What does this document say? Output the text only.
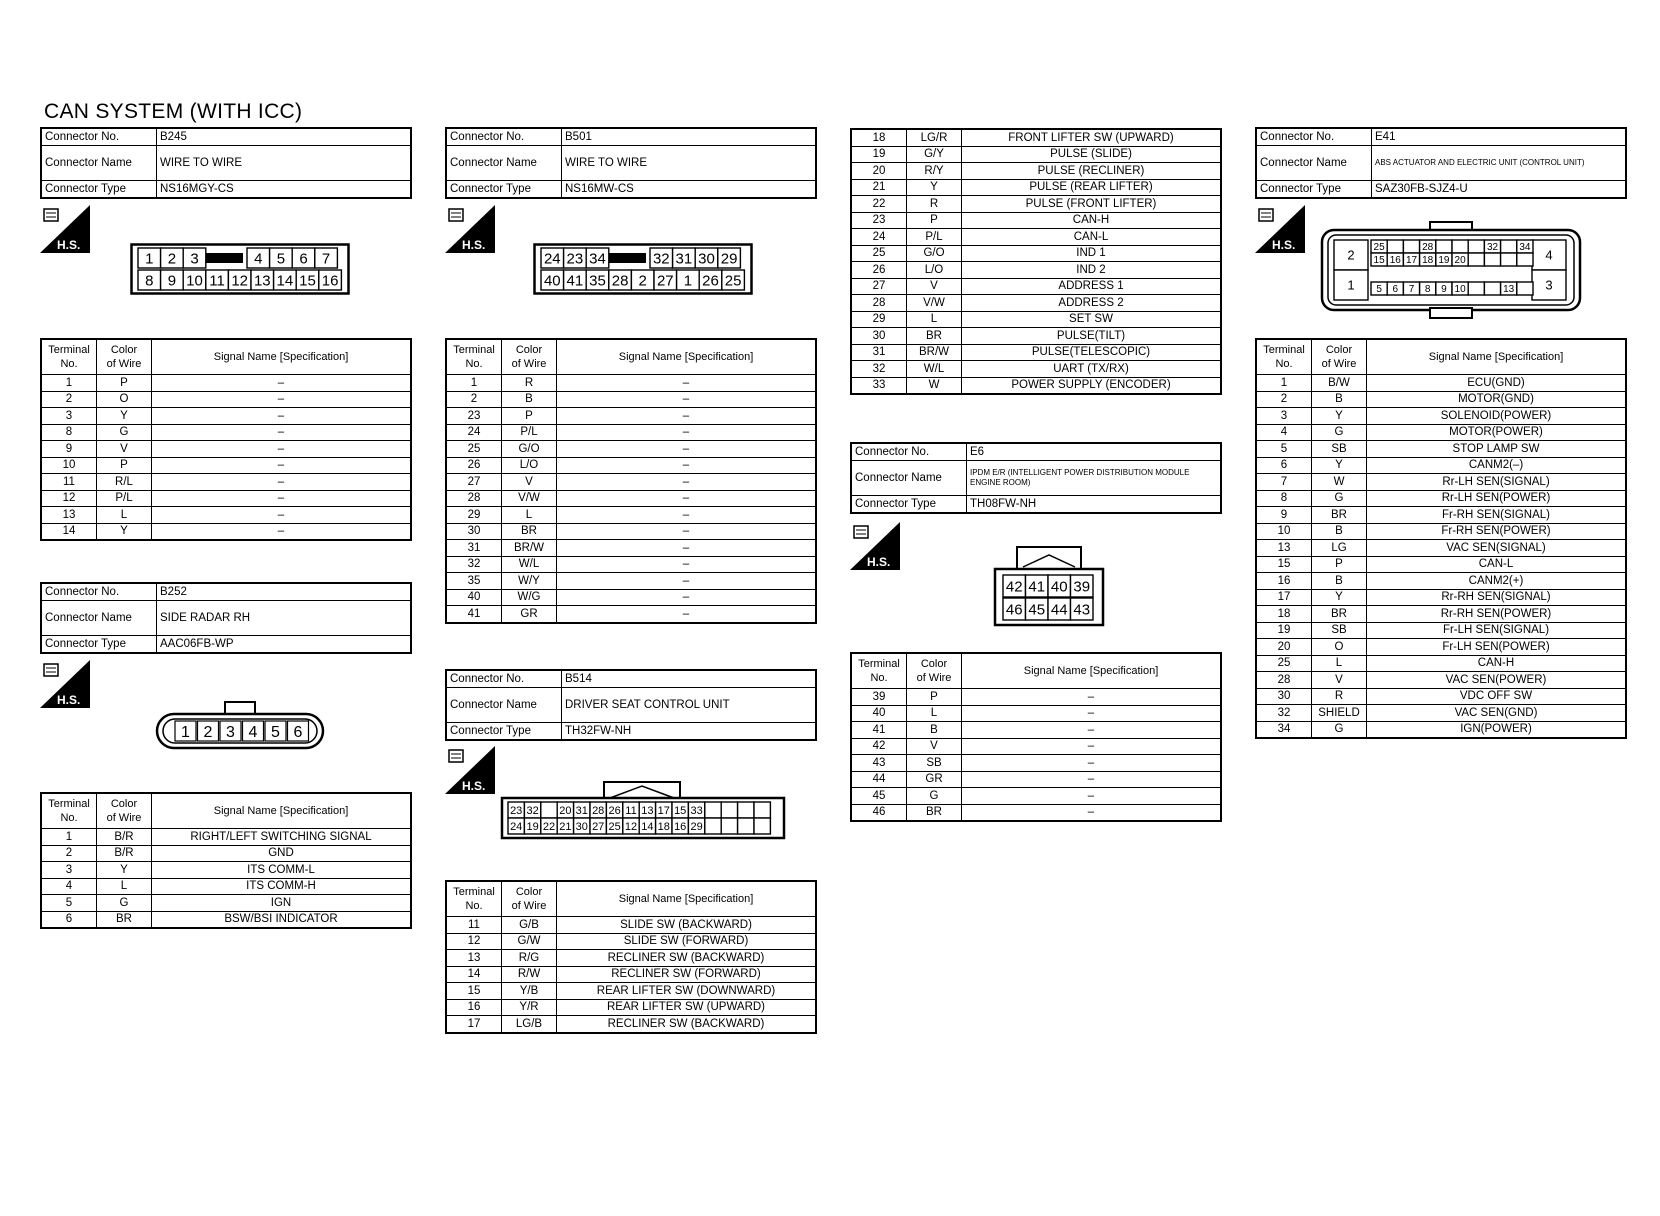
CAN SYSTEM (WITH ICC)
Connector No.	B245
Connector Name	WIRE TO WIRE
Connector Type	NS16MGY-CS
H.S.
1 2 3	4 5 6 7
8 9 10 11 12 13 14 15 16
Terminal
No.	Color
of Wire	Signal Name [Specification]
1	P	–
2	O	–
3	Y	–
8	G	–
9	V	–
10	P	–
11	R/L	–
12	P/L	–
13	L	–
14	Y	–
Connector No.	B252
Connector Name	SIDE RADAR RH
Connector Type	AAC06FB-WP
H.S.
1 2 3 4 5 6
Terminal
No.	Color
of Wire	Signal Name [Specification]
1	B/R	RIGHT/LEFT SWITCHING SIGNAL
2	B/R	GND
3	Y	ITS COMM-L
4	L	ITS COMM-H
5	G	IGN
6	BR	BSW/BSI INDICATOR
Connector No.	B501
Connector Name	WIRE TO WIRE
Connector Type	NS16MW-CS
H.S.
24 23 34	32 31 30 29
40 41 35 28 2 27 1 26 25
Terminal
No.	Color
of Wire	Signal Name [Specification]
1	R	–
2	B	–
23	P	–
24	P/L	–
25	G/O	–
26	L/O	–
27	V	–
28	V/W	–
29	L	–
30	BR	–
31	BR/W	–
32	W/L	–
35	W/Y	–
40	W/G	–
41	GR	–
Connector No.	B514
Connector Name	DRIVER SEAT CONTROL UNIT
Connector Type	TH32FW-NH
H.S.
23 32 20 31 28 26 11 13 17 15 33
24 19 22 21 30 27 25 12 14 18 16 29
Terminal
No.	Color
of Wire	Signal Name [Specification]
11	G/B	SLIDE SW (BACKWARD)
12	G/W	SLIDE SW (FORWARD)
13	R/G	RECLINER SW (BACKWARD)
14	R/W	RECLINER SW (FORWARD)
15	Y/B	REAR LIFTER SW (DOWNWARD)
16	Y/R	REAR LIFTER SW (UPWARD)
17	LG/B	RECLINER SW (BACKWARD)
18	LG/R	FRONT LIFTER SW (UPWARD)
19	G/Y	PULSE (SLIDE)
20	R/Y	PULSE (RECLINER)
21	Y	PULSE (REAR LIFTER)
22	R	PULSE (FRONT LIFTER)
23	P	CAN-H
24	P/L	CAN-L
25	G/O	IND 1
26	L/O	IND 2
27	V	ADDRESS 1
28	V/W	ADDRESS 2
29	L	SET SW
30	BR	PULSE(TILT)
31	BR/W	PULSE(TELESCOPIC)
32	W/L	UART (TX/RX)
33	W	POWER SUPPLY (ENCODER)
Connector No.	E6
Connector Name	IPDM E/R (INTELLIGENT POWER DISTRIBUTION MODULE ENGINE ROOM)
Connector Type	TH08FW-NH
H.S.
42 41 40 39
46 45 44 43
Terminal
No.	Color
of Wire	Signal Name [Specification]
39	P	–
40	L	–
41	B	–
42	V	–
43	SB	–
44	GR	–
45	G	–
46	BR	–
Connector No.	E41
Connector Name	ABS ACTUATOR AND ELECTRIC UNIT (CONTROL UNIT)
Connector Type	SAZ30FB-SJZ4-U
H.S.
2
1
4
3
25	28	32 34
15 16 17 18 19 20
5 6 7 8 9 10	13
Terminal
No.	Color
of Wire	Signal Name [Specification]
1	B/W	ECU(GND)
2	B	MOTOR(GND)
3	Y	SOLENOID(POWER)
4	G	MOTOR(POWER)
5	SB	STOP LAMP SW
6	Y	CANM2(–)
7	W	Rr-LH SEN(SIGNAL)
8	G	Rr-LH SEN(POWER)
9	BR	Fr-RH SEN(SIGNAL)
10	B	Fr-RH SEN(POWER)
13	LG	VAC SEN(SIGNAL)
15	P	CAN-L
16	B	CANM2(+)
17	Y	Rr-RH SEN(SIGNAL)
18	BR	Rr-RH SEN(POWER)
19	SB	Fr-LH SEN(SIGNAL)
20	O	Fr-LH SEN(POWER)
25	L	CAN-H
28	V	VAC SEN(POWER)
30	R	VDC OFF SW
32	SHIELD	VAC SEN(GND)
34	G	IGN(POWER)
